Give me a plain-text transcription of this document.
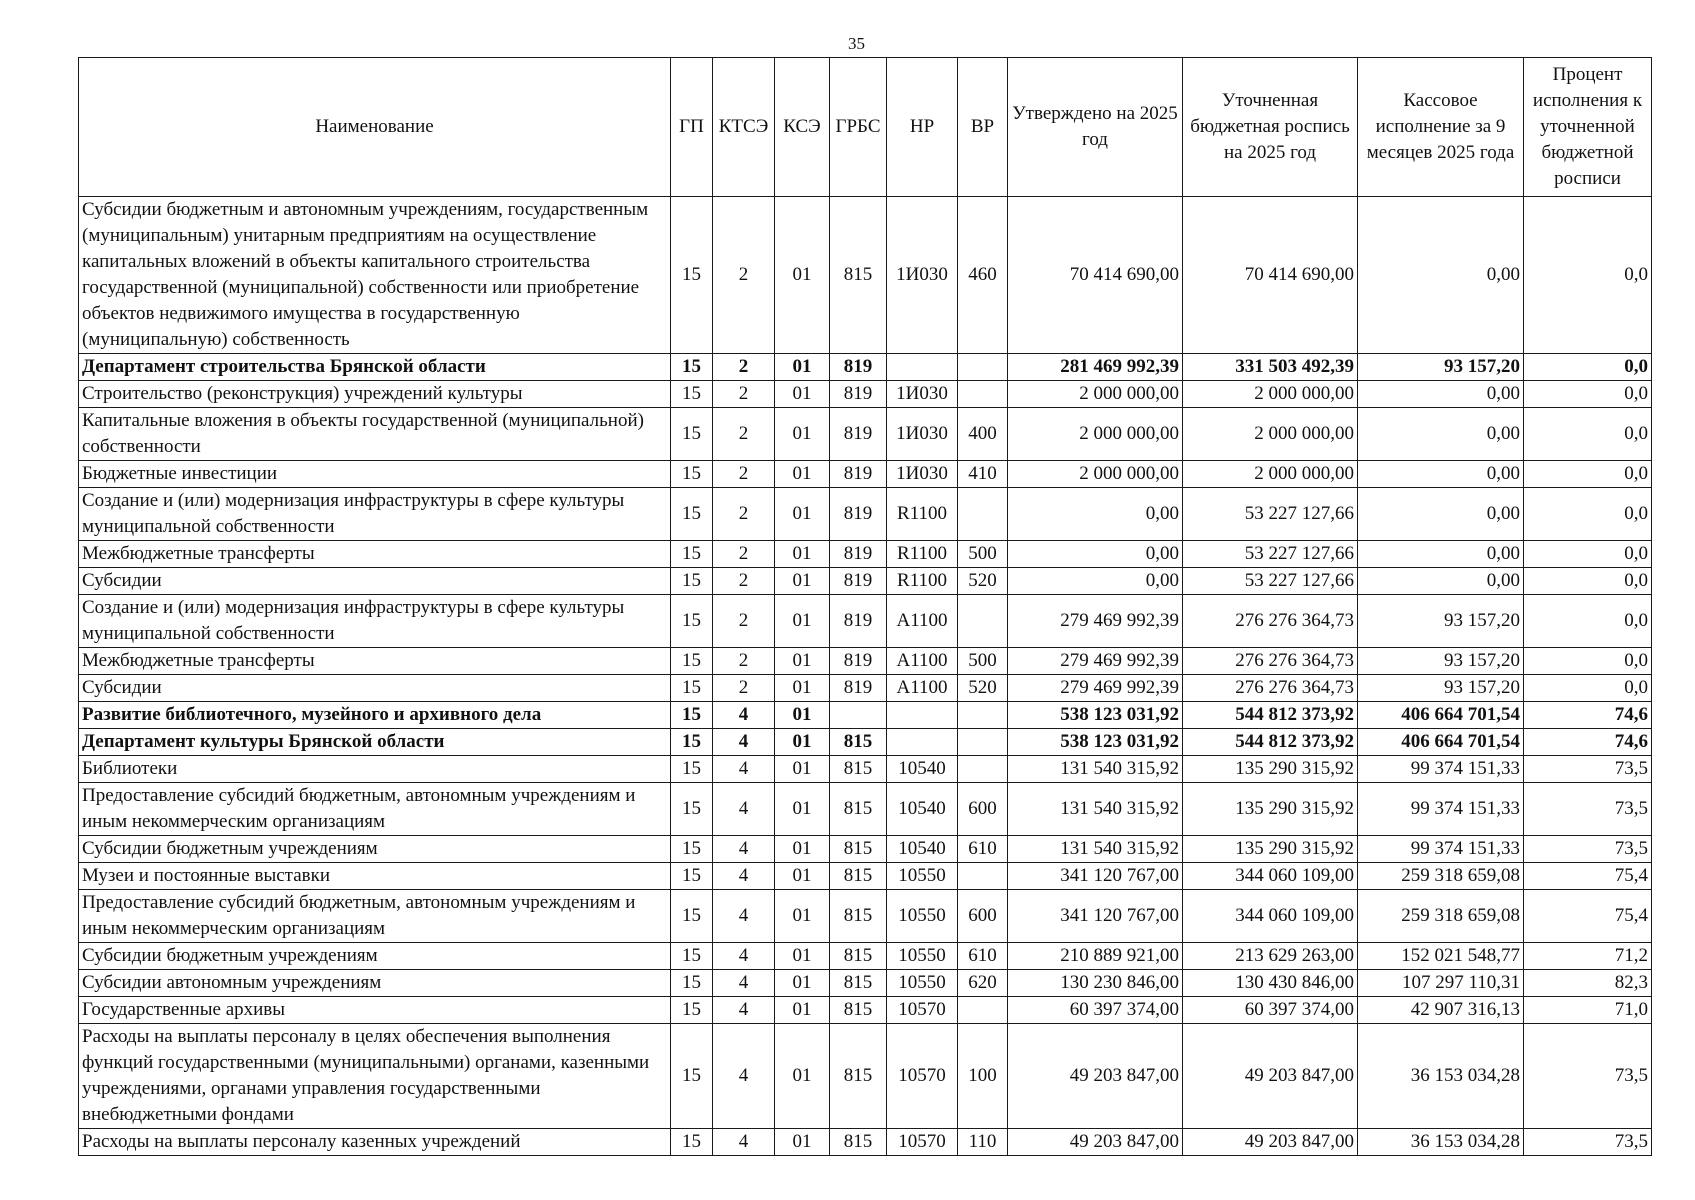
35
Наименование	ГП	КТСЭ	КСЭ	ГРБС	НР	ВР	Утверждено на 2025 год	Уточненная бюджетная роспись на 2025 год	Кассовое исполнение за 9 месяцев 2025 года	Процент исполнения к уточненной бюджетной росписи
Субсидии бюджетным и автономным учреждениям, государственным (муниципальным) унитарным предприятиям на осуществление капитальных вложений в объекты капитального строительства государственной (муниципальной) собственности или приобретение объектов недвижимого имущества в государственную (муниципальную) собственность	15	2	01	815	1И030	460	70 414 690,00	70 414 690,00	0,00	0,0
Департамент строительства Брянской области	15	2	01	819			281 469 992,39	331 503 492,39	93 157,20	0,0
Строительство (реконструкция) учреждений культуры	15	2	01	819	1И030		2 000 000,00	2 000 000,00	0,00	0,0
Капитальные вложения в объекты государственной (муниципальной) собственности	15	2	01	819	1И030	400	2 000 000,00	2 000 000,00	0,00	0,0
Бюджетные инвестиции	15	2	01	819	1И030	410	2 000 000,00	2 000 000,00	0,00	0,0
Создание и (или) модернизация инфраструктуры в сфере культуры муниципальной собственности	15	2	01	819	R1100		0,00	53 227 127,66	0,00	0,0
Межбюджетные трансферты	15	2	01	819	R1100	500	0,00	53 227 127,66	0,00	0,0
Субсидии	15	2	01	819	R1100	520	0,00	53 227 127,66	0,00	0,0
Создание и (или) модернизация инфраструктуры в сфере культуры муниципальной собственности	15	2	01	819	A1100		279 469 992,39	276 276 364,73	93 157,20	0,0
Межбюджетные трансферты	15	2	01	819	A1100	500	279 469 992,39	276 276 364,73	93 157,20	0,0
Субсидии	15	2	01	819	A1100	520	279 469 992,39	276 276 364,73	93 157,20	0,0
Развитие библиотечного, музейного и архивного дела	15	4	01				538 123 031,92	544 812 373,92	406 664 701,54	74,6
Департамент культуры Брянской области	15	4	01	815			538 123 031,92	544 812 373,92	406 664 701,54	74,6
Библиотеки	15	4	01	815	10540		131 540 315,92	135 290 315,92	99 374 151,33	73,5
Предоставление субсидий бюджетным, автономным учреждениям и иным некоммерческим организациям	15	4	01	815	10540	600	131 540 315,92	135 290 315,92	99 374 151,33	73,5
Субсидии бюджетным учреждениям	15	4	01	815	10540	610	131 540 315,92	135 290 315,92	99 374 151,33	73,5
Музеи и постоянные выставки	15	4	01	815	10550		341 120 767,00	344 060 109,00	259 318 659,08	75,4
Предоставление субсидий бюджетным, автономным учреждениям и иным некоммерческим организациям	15	4	01	815	10550	600	341 120 767,00	344 060 109,00	259 318 659,08	75,4
Субсидии бюджетным учреждениям	15	4	01	815	10550	610	210 889 921,00	213 629 263,00	152 021 548,77	71,2
Субсидии автономным учреждениям	15	4	01	815	10550	620	130 230 846,00	130 430 846,00	107 297 110,31	82,3
Государственные архивы	15	4	01	815	10570		60 397 374,00	60 397 374,00	42 907 316,13	71,0
Расходы на выплаты персоналу в целях обеспечения выполнения функций государственными (муниципальными) органами, казенными учреждениями, органами управления государственными внебюджетными фондами	15	4	01	815	10570	100	49 203 847,00	49 203 847,00	36 153 034,28	73,5
Расходы на выплаты персоналу казенных учреждений	15	4	01	815	10570	110	49 203 847,00	49 203 847,00	36 153 034,28	73,5
